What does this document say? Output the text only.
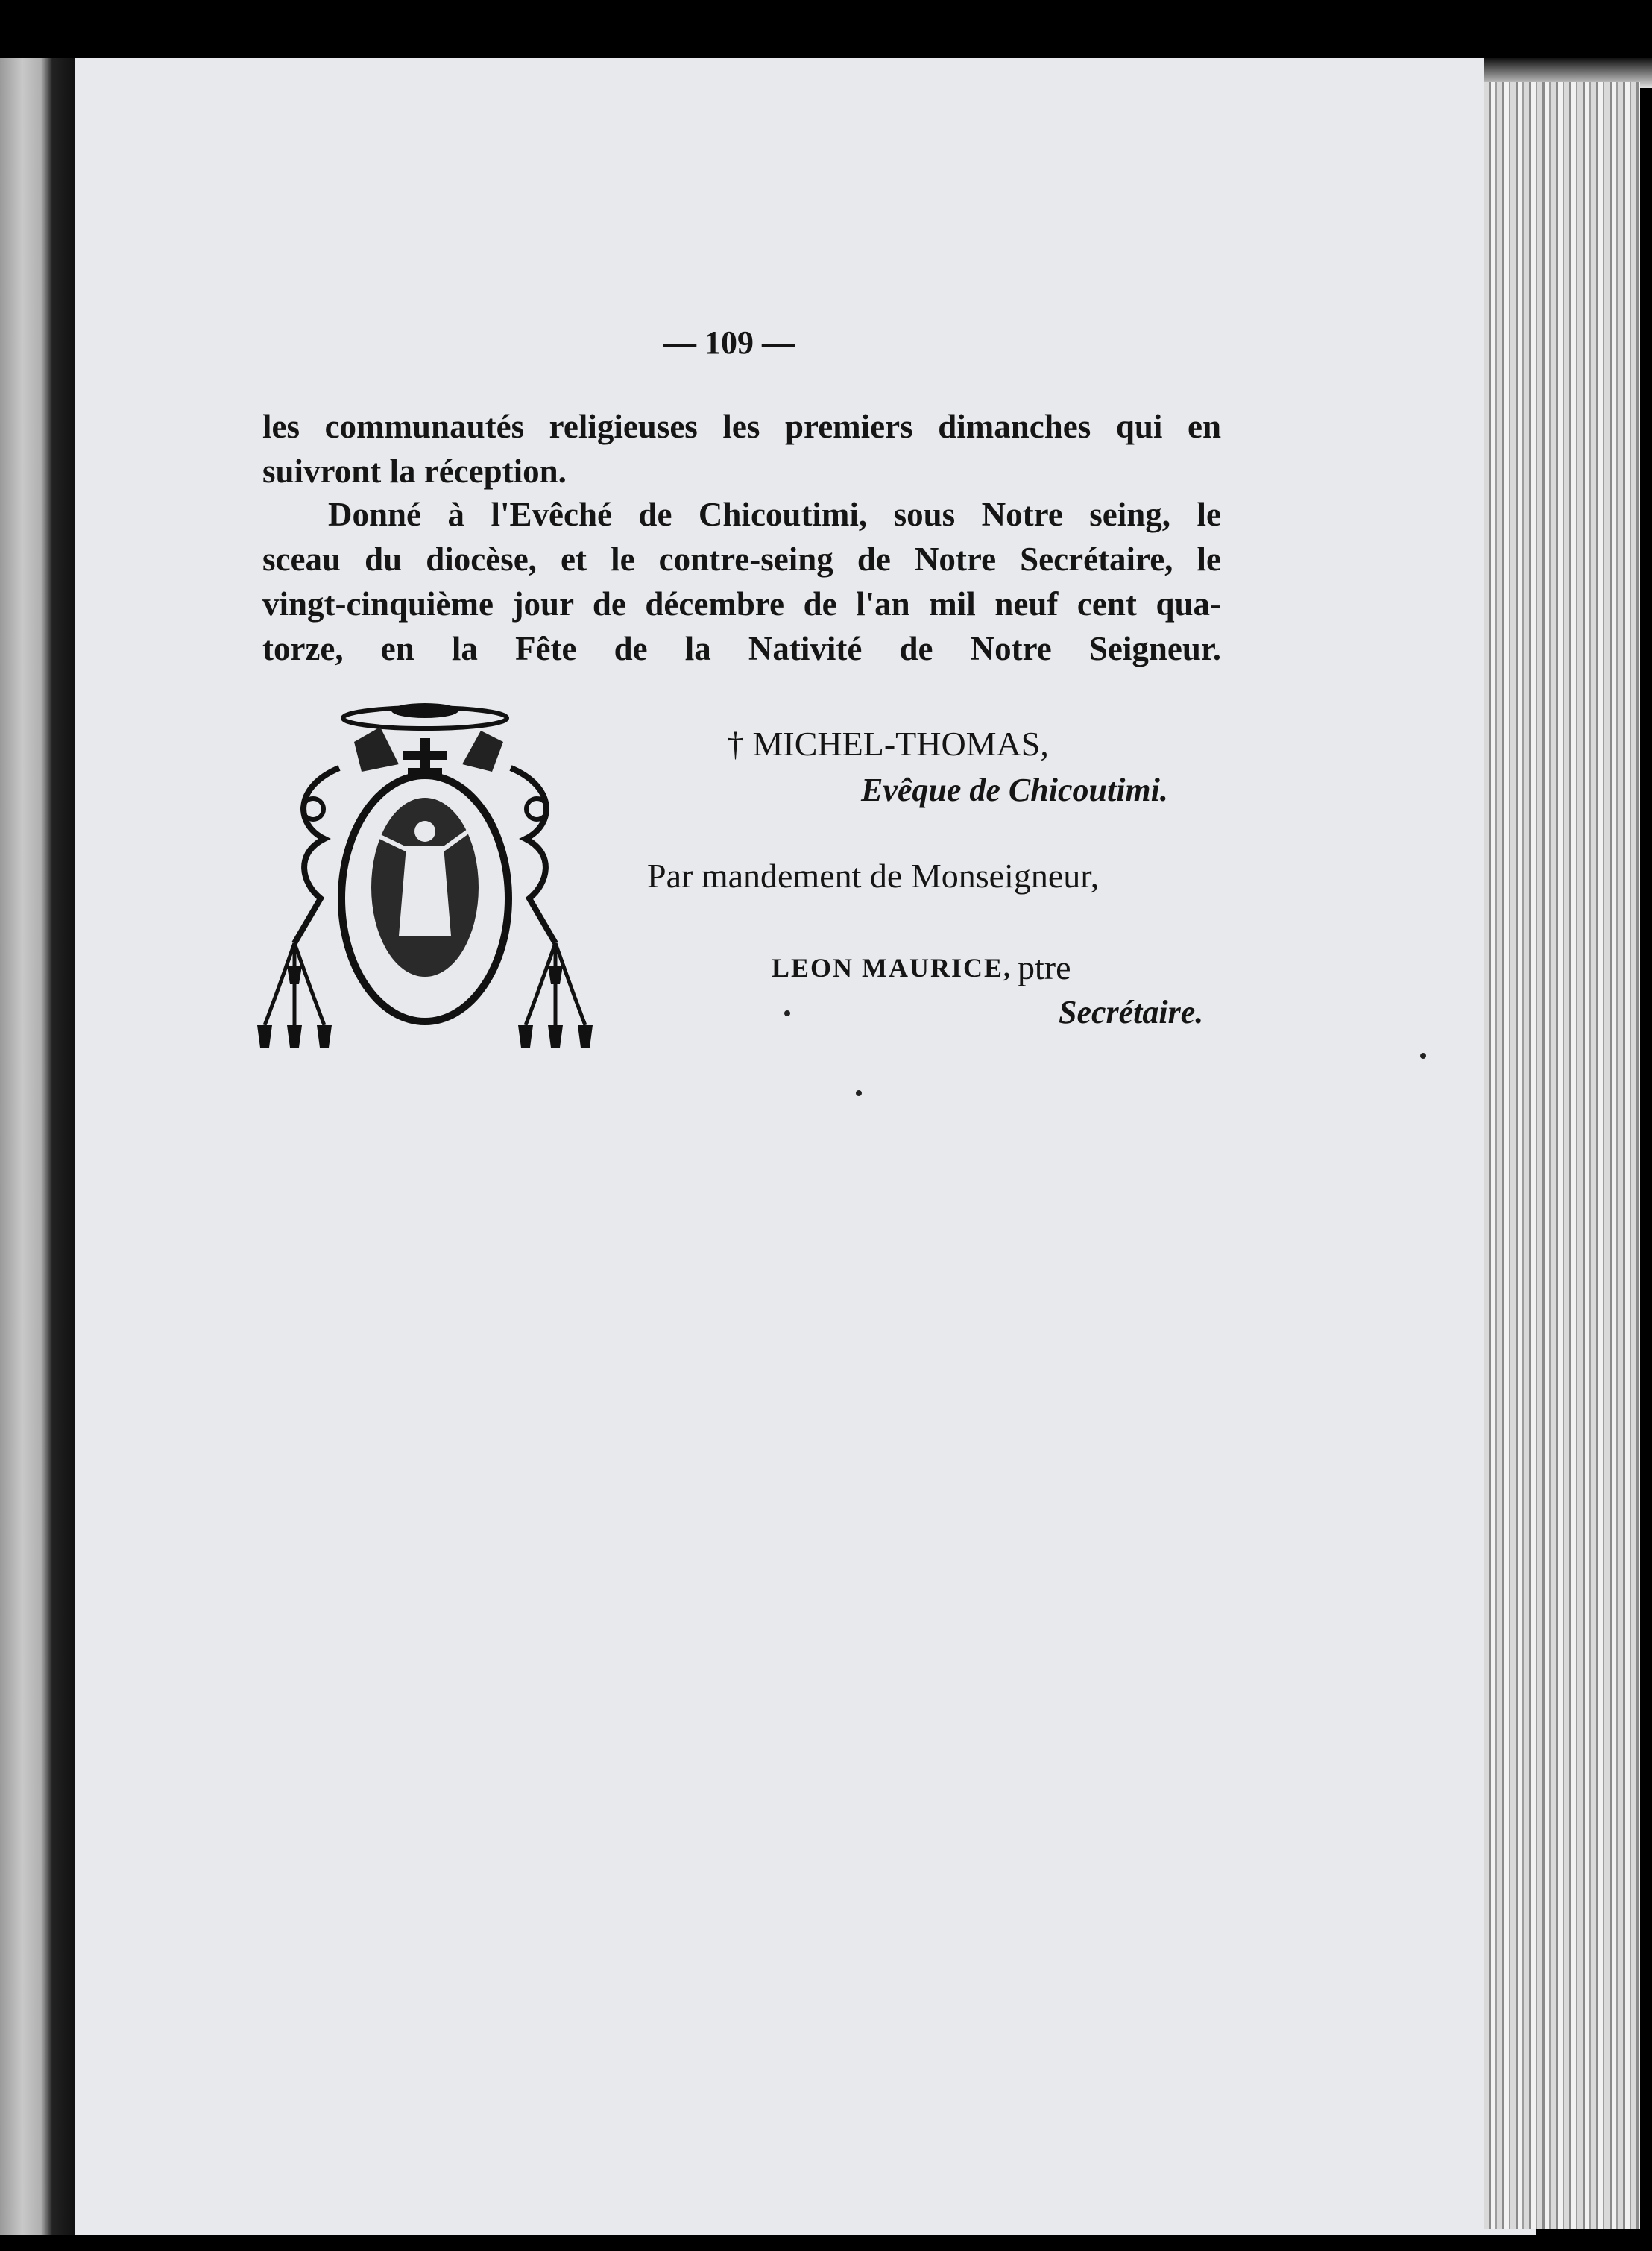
— 109 —
les communautés religieuses les premiers dimanches qui en
suivront la réception.
Donné à l'Evêché de Chicoutimi, sous Notre seing, le
sceau du diocèse, et le contre-seing de Notre Secrétaire, le
vingt-cinquième jour de décembre de l'an mil neuf cent qua-
torze, en la Fête de la Nativité de Notre Seigneur.
† MICHEL-THOMAS,
Evêque de Chicoutimi.
Par mandement de Monseigneur,
LEON MAURICE, ptre
Secrétaire.
